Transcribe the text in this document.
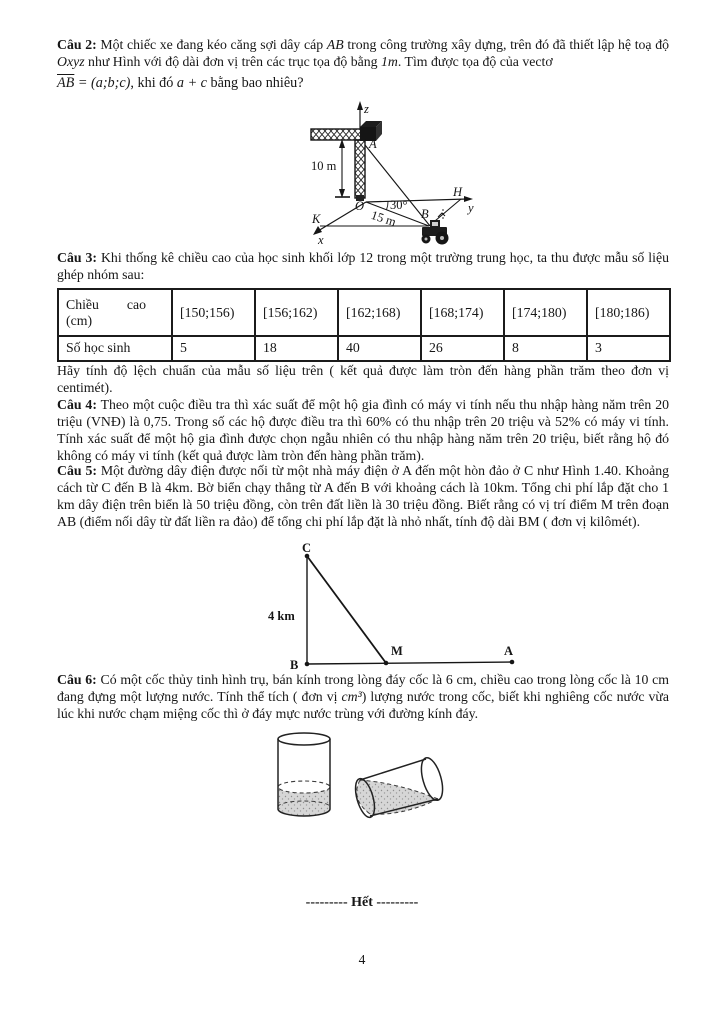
Câu 2: Một chiếc xe đang kéo căng sợi dây cáp AB trong công trường xây dựng, trên đó đã thiết lập hệ toạ độ Oxyz như Hình với độ dài đơn vị trên các trục tọa độ bằng 1m. Tìm được tọa độ của vectơ
$\overline{AB}$ = (a;b;c), khi đó a + c bằng bao nhiêu?
z
A
10 m
y
H
x
K
O 30°
15 m B
Câu 3: Khi thống kê chiều cao của học sinh khối lớp 12 trong một trường trung học, ta thu được mẫu số liệu ghép nhóm sau:
Chiều cao
(cm)	[150;156)	[156;162)	[162;168)	[168;174)	[174;180)	[180;186)
Số học sinh	5	18	40	26	8	3
Hãy tính độ lệch chuẩn của mẫu số liệu trên ( kết quả được làm tròn đến hàng phần trăm theo đơn vị centimét).
Câu 4: Theo một cuộc điều tra thì xác suất để một hộ gia đình có máy vi tính nếu thu nhập hàng năm trên 20 triệu (VNĐ) là 0,75. Trong số các hộ được điều tra thì 60% có thu nhập trên 20 triệu và 52% có máy vi tính. Tính xác suất để một hộ gia đình được chọn ngẫu nhiên có thu nhập hàng năm trên 20 triệu, biết rằng hộ đó không có máy vi tính (kết quả được làm tròn đến hàng phần trăm).
Câu 5: Một đường dây điện được nối từ một nhà máy điện ở A đến một hòn đảo ở C như Hình 1.40. Khoảng cách từ C đến B là 4km. Bờ biển chạy thẳng từ A đến B với khoảng cách là 10km. Tổng chi phí lắp đặt cho 1 km dây điện trên biển là 50 triệu đồng, còn trên đất liền là 30 triệu đồng. Biết rằng có vị trí điểm M trên đoạn AB (điểm nối dây từ đất liền ra đảo) để tổng chi phí lắp đặt là nhỏ nhất, tính độ dài BM ( đơn vị kilômét).
C
B
M	A
4 km
Câu 6: Có một cốc thủy tinh hình trụ, bán kính trong lòng đáy cốc là 6 cm, chiều cao trong lòng cốc là 10 cm đang đựng một lượng nước. Tính thể tích ( đơn vị cm³) lượng nước trong cốc, biết khi nghiêng cốc nước vừa lúc khi nước chạm miệng cốc thì ở đáy mực nước trùng với đường kính đáy.
--------- Hết ---------
4
